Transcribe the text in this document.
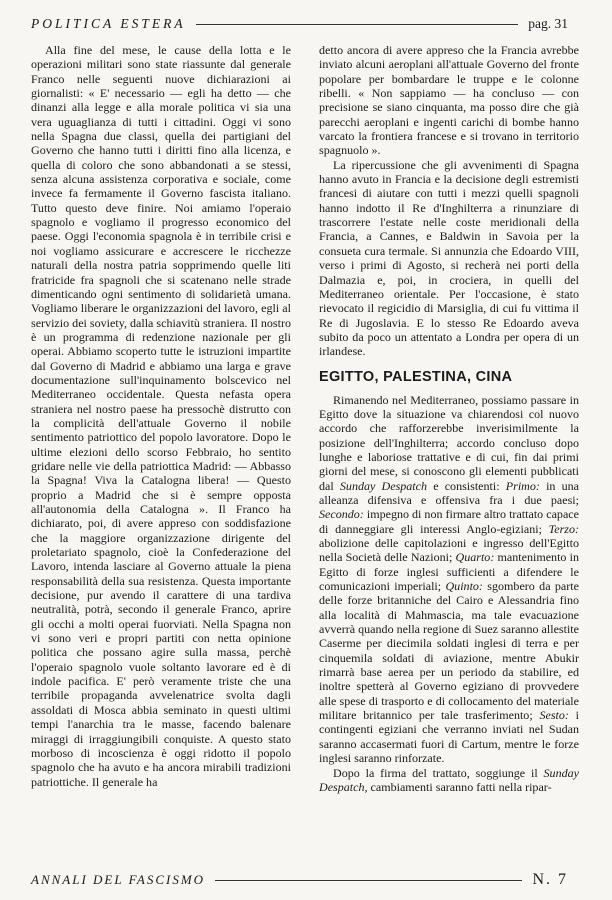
POLITICA ESTERA	pag. 31

Alla fine del mese, le cause della lotta e le operazioni militari sono state riassunte dal generale Franco nelle seguenti nuove dichiarazioni ai giornalisti: « E' necessario — egli ha detto — che dinanzi alla legge e alla morale politica vi sia una vera uguaglianza di tutti i cittadini. Oggi vi sono nella Spagna due classi, quella dei partigiani del Governo che hanno tutti i diritti fino alla licenza, e quella di coloro che sono abbandonati a se stessi, senza alcuna assistenza corporativa e sociale, come invece fa fermamente il Governo fascista italiano. Tutto questo deve finire. Noi amiamo l'operaio spagnolo e vogliamo il progresso economico del paese. Oggi l'economia spagnola è in terribile crisi e noi vogliamo assicurare e accrescere le ricchezze naturali della nostra patria sopprimendo quelle liti fratricide fra spagnoli che si scatenano nelle strade dimenticando ogni sentimento di solidarietà umana. Vogliamo liberare le organizzazioni del lavoro, egli al servizio dei soviety, dalla schiavitù straniera. Il nostro è un programma di redenzione nazionale per gli operai. Abbiamo scoperto tutte le istruzioni impartite dal Governo di Madrid e abbiamo una larga e grave documentazione sull'inquinamento bolscevico nel Mediterraneo occidentale. Questa nefasta opera straniera nel nostro paese ha pressochè distrutto con la complicità dell'attuale Governo il nobile sentimento patriottico del popolo lavoratore. Dopo le ultime elezioni dello scorso Febbraio, ho sentito gridare nelle vie della patriottica Madrid: — Abbasso la Spagna! Viva la Catalogna libera! — Questo proprio a Madrid che si è sempre opposta all'autonomia della Catalogna ». Il Franco ha dichiarato, poi, di avere appreso con soddisfazione che la maggiore organizzazione dirigente del proletariato spagnolo, cioè la Confederazione del Lavoro, intenda lasciare al Governo attuale la piena responsabilità della sua resistenza. Questa importante decisione, pur avendo il carattere di una tardiva neutralità, potrà, secondo il generale Franco, aprire gli occhi a molti operai fuorviati. Nella Spagna non vi sono veri e propri partiti con netta opinione politica che possano agire sulla massa, perchè l'operaio spagnolo vuole soltanto lavorare ed è di indole pacifica. E' però veramente triste che una terribile propaganda avvelenatrice svolta dagli assoldati di Mosca abbia seminato in questi ultimi tempi l'anarchia tra le masse, facendo balenare miraggi di irraggiungibili conquiste. A questo stato morboso di incoscienza è oggi ridotto il popolo spagnolo che ha avuto e ha ancora mirabili tradizioni patriottiche. Il generale ha

detto ancora di avere appreso che la Francia avrebbe inviato alcuni aeroplani all'attuale Governo del fronte popolare per bombardare le truppe e le colonne ribelli. « Non sappiamo — ha concluso — con precisione se siano cinquanta, ma posso dire che già parecchi aeroplani e ingenti carichi di bombe hanno varcato la frontiera francese e si trovano in territorio spagnuolo ».

La ripercussione che gli avvenimenti di Spagna hanno avuto in Francia e la decisione degli estremisti francesi di aiutare con tutti i mezzi quelli spagnoli hanno indotto il Re d'Inghilterra a rinunziare di trascorrere l'estate nelle coste meridionali della Francia, a Cannes, e Baldwin in Savoia per la consueta cura termale. Si annunzia che Edoardo VIII, verso i primi di Agosto, si recherà nei porti della Dalmazia e, poi, in crociera, in quelli del Mediterraneo orientale. Per l'occasione, è stato rievocato il regicidio di Marsiglia, di cui fu vittima il Re di Jugoslavia. E lo stesso Re Edoardo aveva subito da poco un attentato a Londra per opera di un irlandese.

EGITTO, PALESTINA, CINA

Rimanendo nel Mediterraneo, possiamo passare in Egitto dove la situazione va chiarendosi col nuovo accordo che rafforzerebbe inverisimilmente la posizione dell'Inghilterra; accordo concluso dopo lunghe e laboriose trattative e di cui, fin dai primi giorni del mese, si conoscono gli elementi pubblicati dal Sunday Despatch e consistenti: Primo: in una alleanza difensiva e offensiva fra i due paesi; Secondo: impegno di non firmare altro trattato capace di danneggiare gli interessi Anglo-egiziani; Terzo: abolizione delle capitolazioni e ingresso dell'Egitto nella Società delle Nazioni; Quarto: mantenimento in Egitto di forze inglesi sufficienti a difendere le comunicazioni imperiali; Quinto: sgombero da parte delle forze britanniche del Cairo e Alessandria fino alla località di Mahmascia, ma tale evacuazione avverrà quando nella regione di Suez saranno allestite Caserme per diecimila soldati inglesi di terra e per cinquemila soldati di aviazione, mentre Abukir rimarrà base aerea per un periodo da stabilire, ed inoltre spetterà al Governo egiziano di provvedere alle spese di trasporto e di collocamento del materiale militare britannico per tale trasferimento; Sesto: i contingenti egiziani che verranno inviati nel Sudan saranno accasermati fuori di Cartum, mentre le forze inglesi saranno rinforzate.

Dopo la firma del trattato, soggiunge il Sunday Despatch, cambiamenti saranno fatti nella ripar-

ANNALI DEL FASCISMO	N. 7
